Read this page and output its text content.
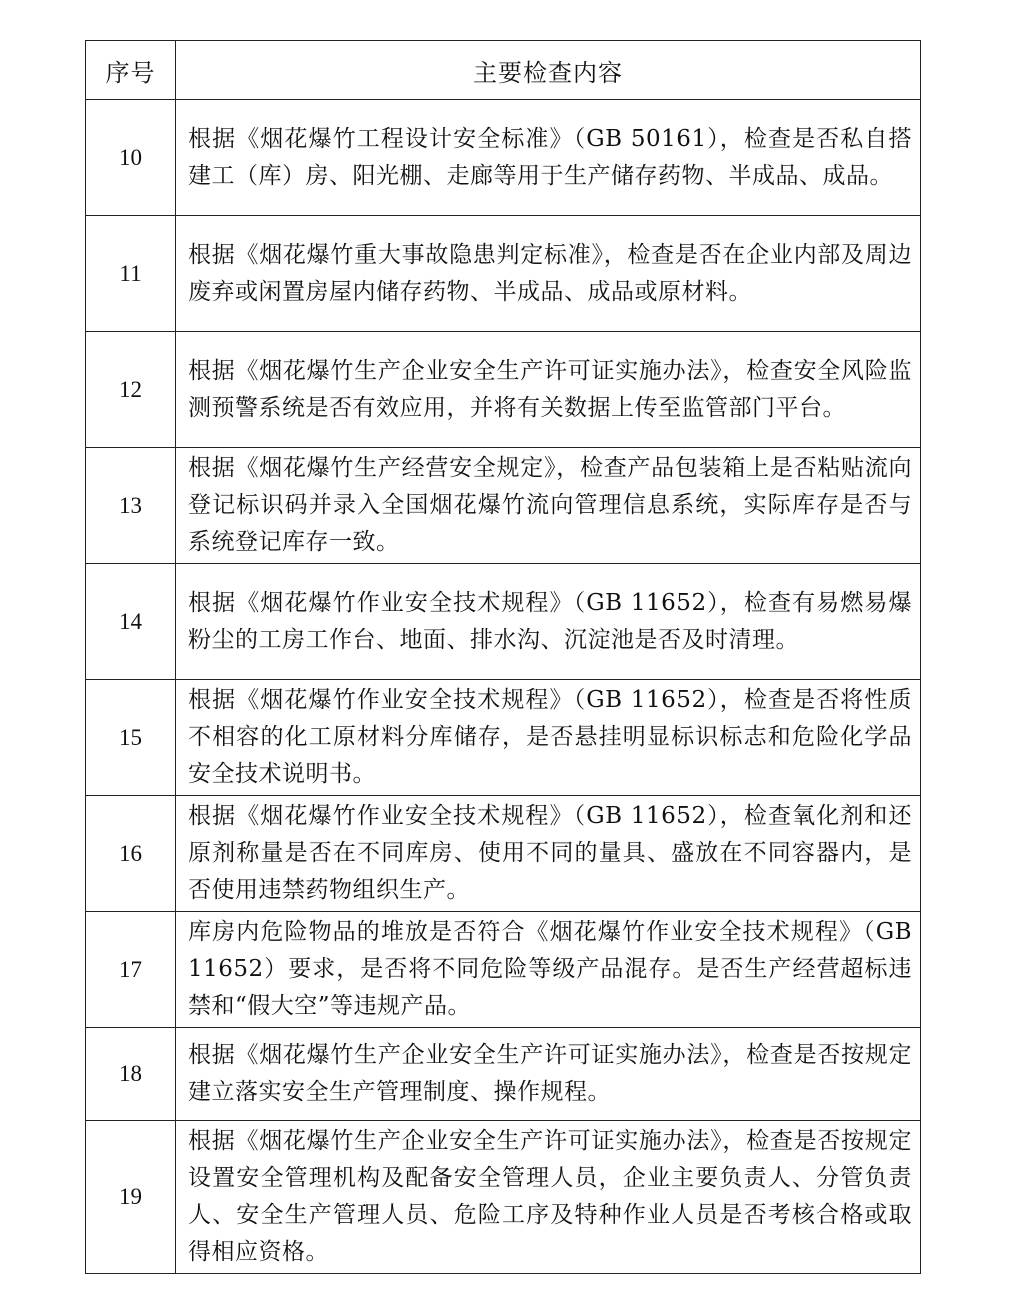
序号	主要检查内容
10	根据《烟花爆竹工程设计安全标准》（GB 50161），检查是否私自搭建工（库）房、阳光棚、走廊等用于生产储存药物、半成品、成品。
11	根据《烟花爆竹重大事故隐患判定标准》，检查是否在企业内部及周边废弃或闲置房屋内储存药物、半成品、成品或原材料。
12	根据《烟花爆竹生产企业安全生产许可证实施办法》，检查安全风险监测预警系统是否有效应用，并将有关数据上传至监管部门平台。
13	根据《烟花爆竹生产经营安全规定》，检查产品包装箱上是否粘贴流向登记标识码并录入全国烟花爆竹流向管理信息系统，实际库存是否与系统登记库存一致。
14	根据《烟花爆竹作业安全技术规程》（GB 11652），检查有易燃易爆粉尘的工房工作台、地面、排水沟、沉淀池是否及时清理。
15	根据《烟花爆竹作业安全技术规程》（GB 11652），检查是否将性质不相容的化工原材料分库储存，是否悬挂明显标识标志和危险化学品安全技术说明书。
16	根据《烟花爆竹作业安全技术规程》（GB 11652），检查氧化剂和还原剂称量是否在不同库房、使用不同的量具、盛放在不同容器内，是否使用违禁药物组织生产。
17	库房内危险物品的堆放是否符合《烟花爆竹作业安全技术规程》（GB 11652）要求，是否将不同危险等级产品混存。是否生产经营超标违禁和“假大空”等违规产品。
18	根据《烟花爆竹生产企业安全生产许可证实施办法》，检查是否按规定建立落实安全生产管理制度、操作规程。
19	根据《烟花爆竹生产企业安全生产许可证实施办法》，检查是否按规定设置安全管理机构及配备安全管理人员，企业主要负责人、分管负责人、安全生产管理人员、危险工序及特种作业人员是否考核合格或取得相应资格。
